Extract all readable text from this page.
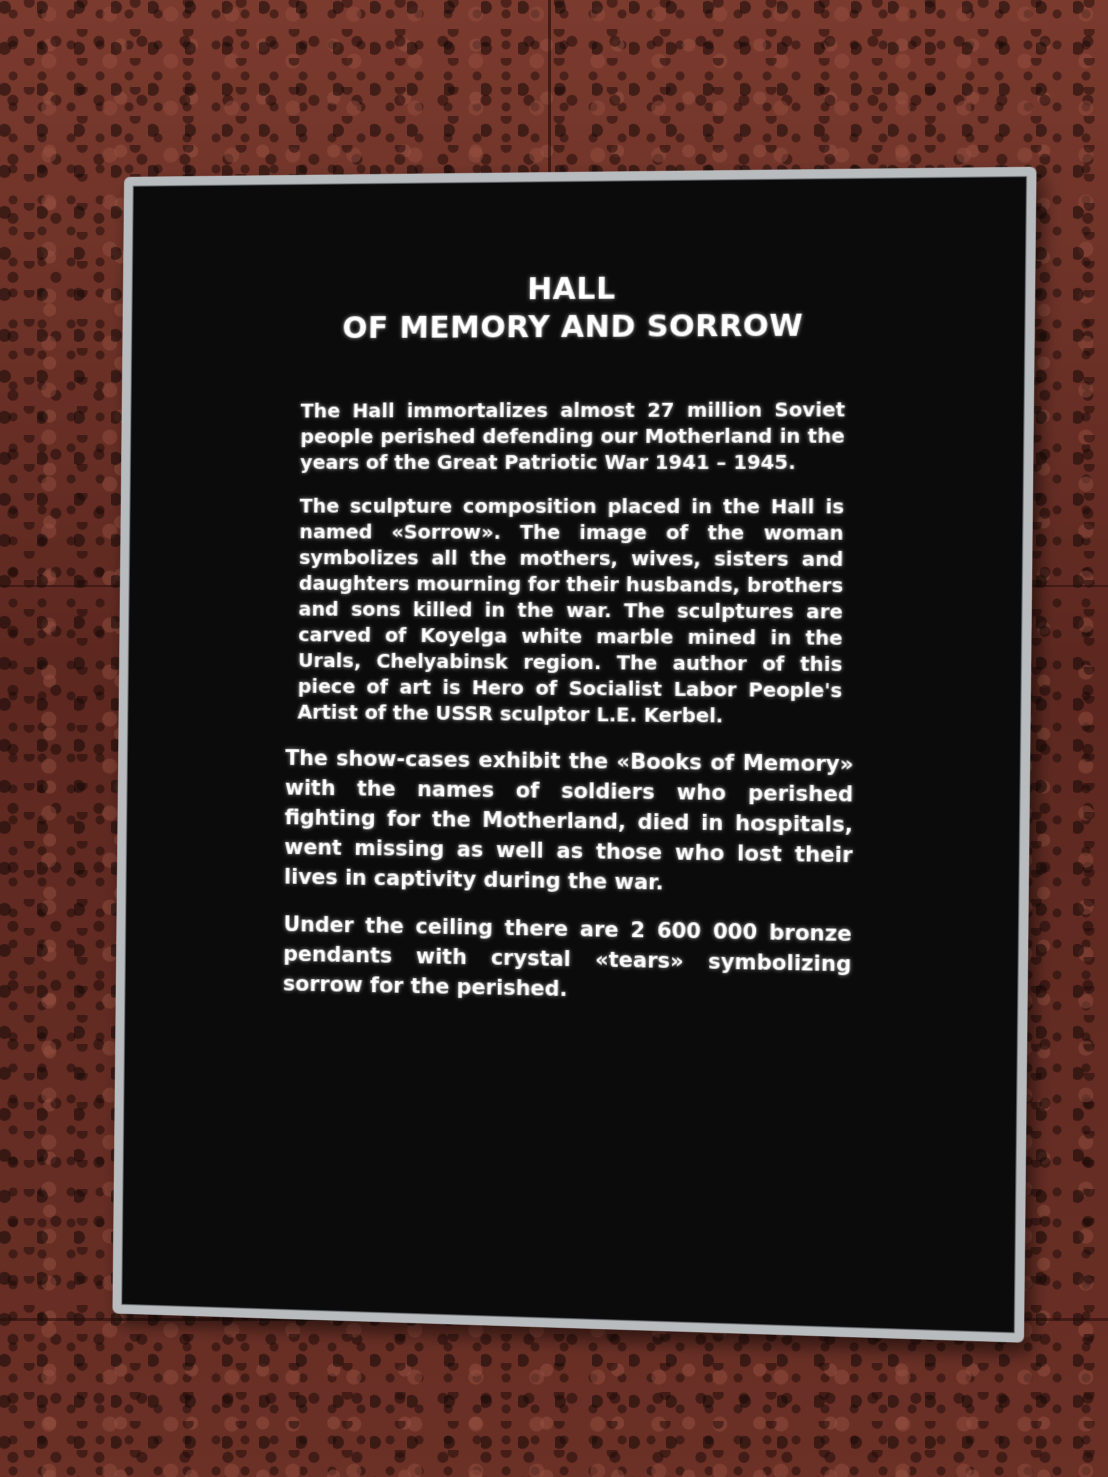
HALL
OF MEMORY AND SORROW

The Hall immortalizes almost 27 million Soviet people perished defending our Motherland in the years of the Great Patriotic War 1941 – 1945.

The sculpture composition placed in the Hall is named «Sorrow». The image of the woman symbolizes all the mothers, wives, sisters and daughters mourning for their husbands, brothers and sons killed in the war. The sculptures are carved of Koyelga white marble mined in the Urals, Chelyabinsk region. The author of this piece of art is Hero of Socialist Labor People's Artist of the USSR sculptor L.E. Kerbel.

The show-cases exhibit the «Books of Memory» with the names of soldiers who perished fighting for the Motherland, died in hospitals, went missing as well as those who lost their lives in captivity during the war.

Under the ceiling there are 2 600 000 bronze pendants with crystal «tears» symbolizing sorrow for the perished.
